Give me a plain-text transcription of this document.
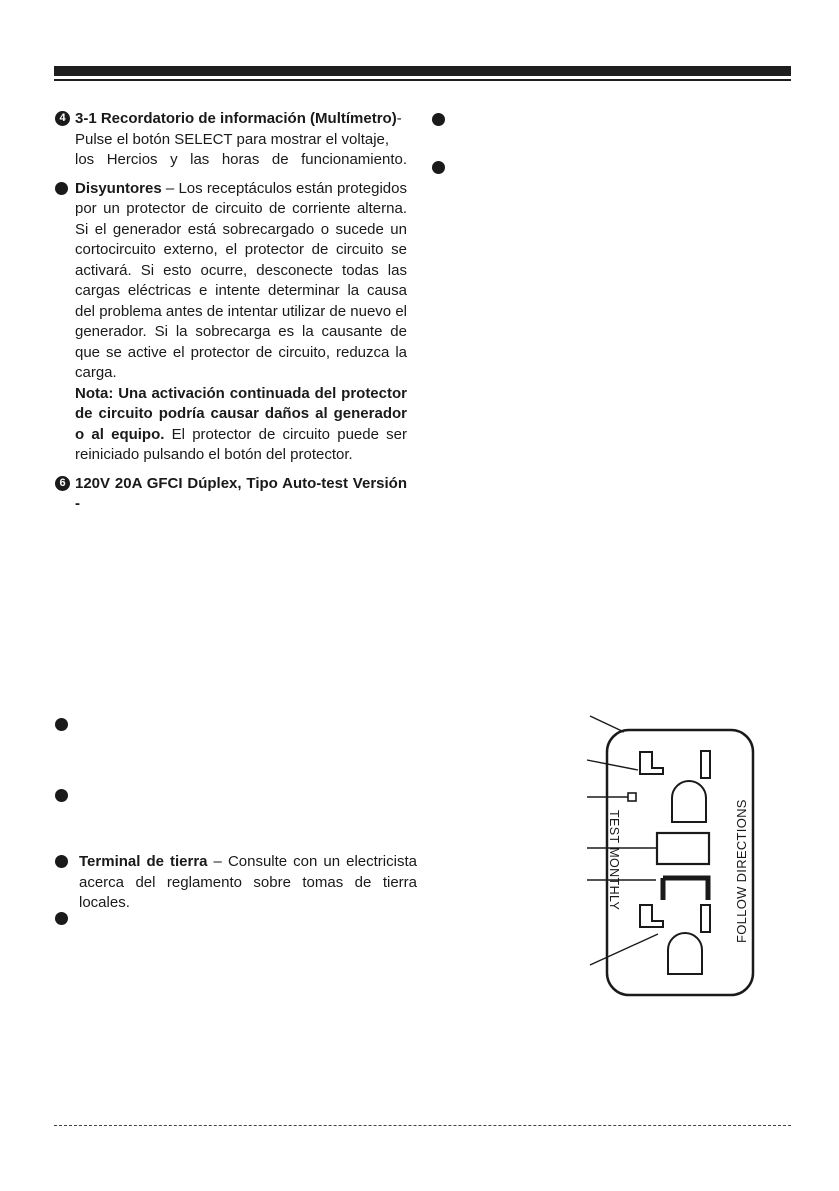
4 3-1 Recordatorio de información (Multímetro)- Pulse el botón SELECT para mostrar el voltaje, los Hercios y las horas de funcionamiento.

Disyuntores – Los receptáculos están protegidos por un protector de circuito de corriente alterna. Si el generador está sobrecargado o sucede un cortocircuito externo, el protector de circuito se activará. Si esto ocurre, desconecte todas las cargas eléctricas e intente determinar la causa del problema antes de intentar utilizar de nuevo el generador. Si la sobrecarga es la causante de que se active el protector de circuito, reduzca la carga.

Nota: Una activación continuada del protector de circuito podría causar daños al generador o al equipo. El protector de circuito puede ser reiniciado pulsando el botón del protector.

6 120V 20A GFCI Dúplex, Tipo Auto-test Versión -

Terminal de tierra – Consulte con un electricista acerca del reglamento sobre tomas de tierra locales.	TEST MONTHLY	FOLLOW DIRECTIONS
